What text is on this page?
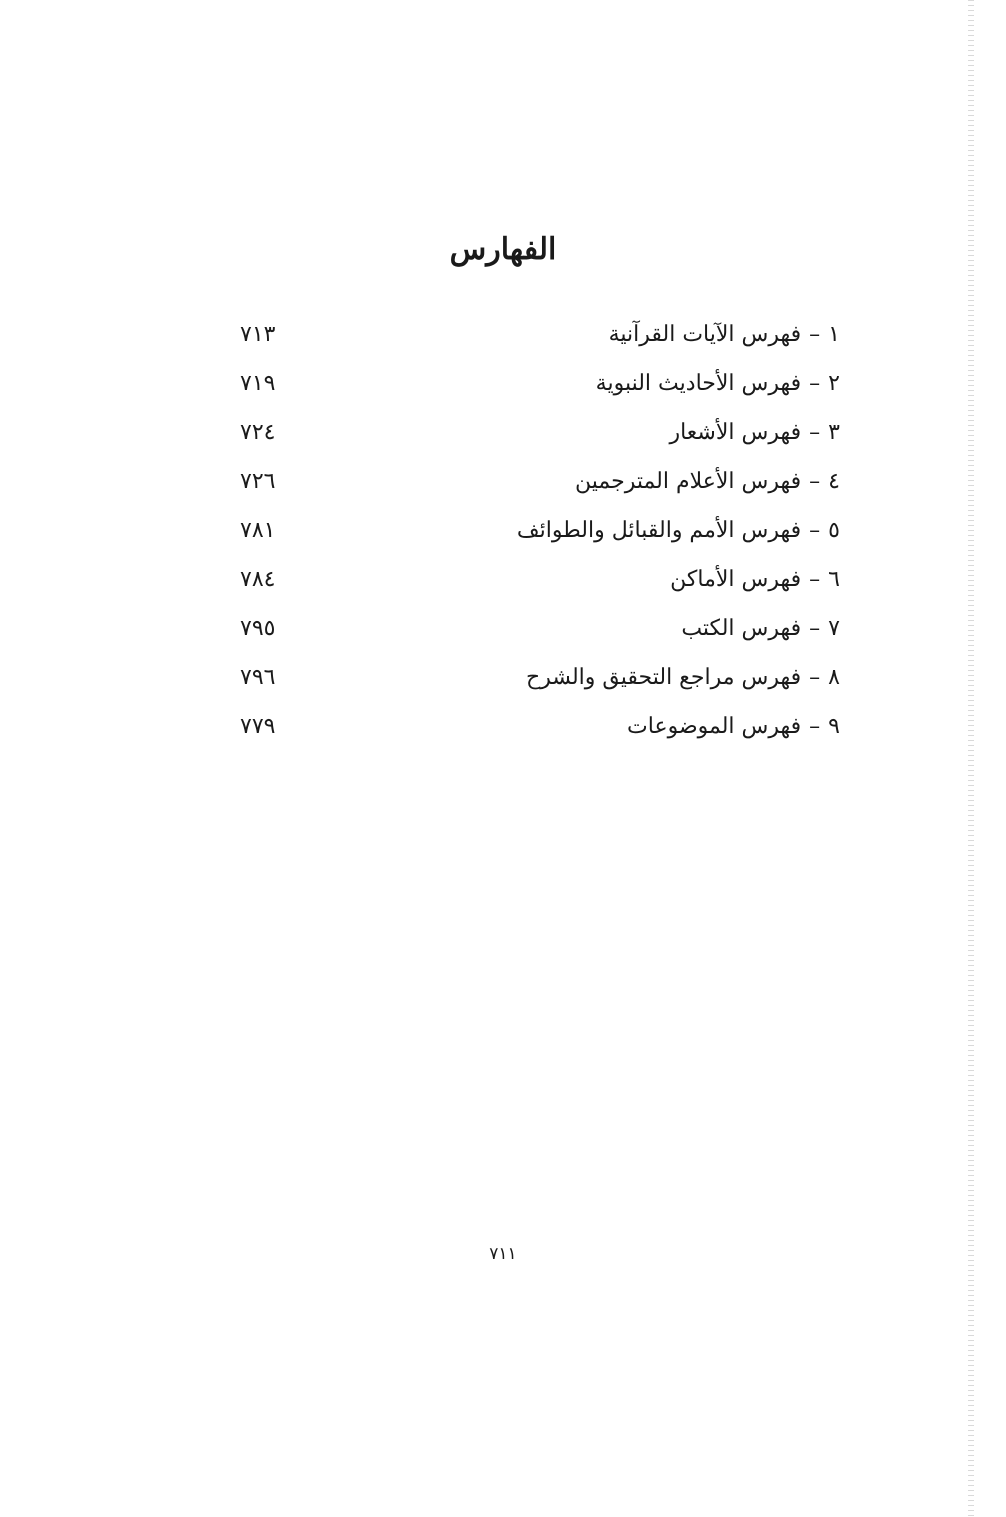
الفهارس
١
–
فهرس الآيات القرآنية
٧١٣
٢
–
فهرس الأحاديث النبوية
٧١٩
٣
–
فهرس الأشعار
٧٢٤
٤
–
فهرس الأعلام المترجمين
٧٢٦
٥
–
فهرس الأمم والقبائل والطوائف
٧٨١
٦
–
فهرس الأماكن
٧٨٤
٧
–
فهرس الكتب
٧٩٥
٨
–
فهرس مراجع التحقيق والشرح
٧٩٦
٩
–
فهرس الموضوعات
٧٧٩
٧١١
